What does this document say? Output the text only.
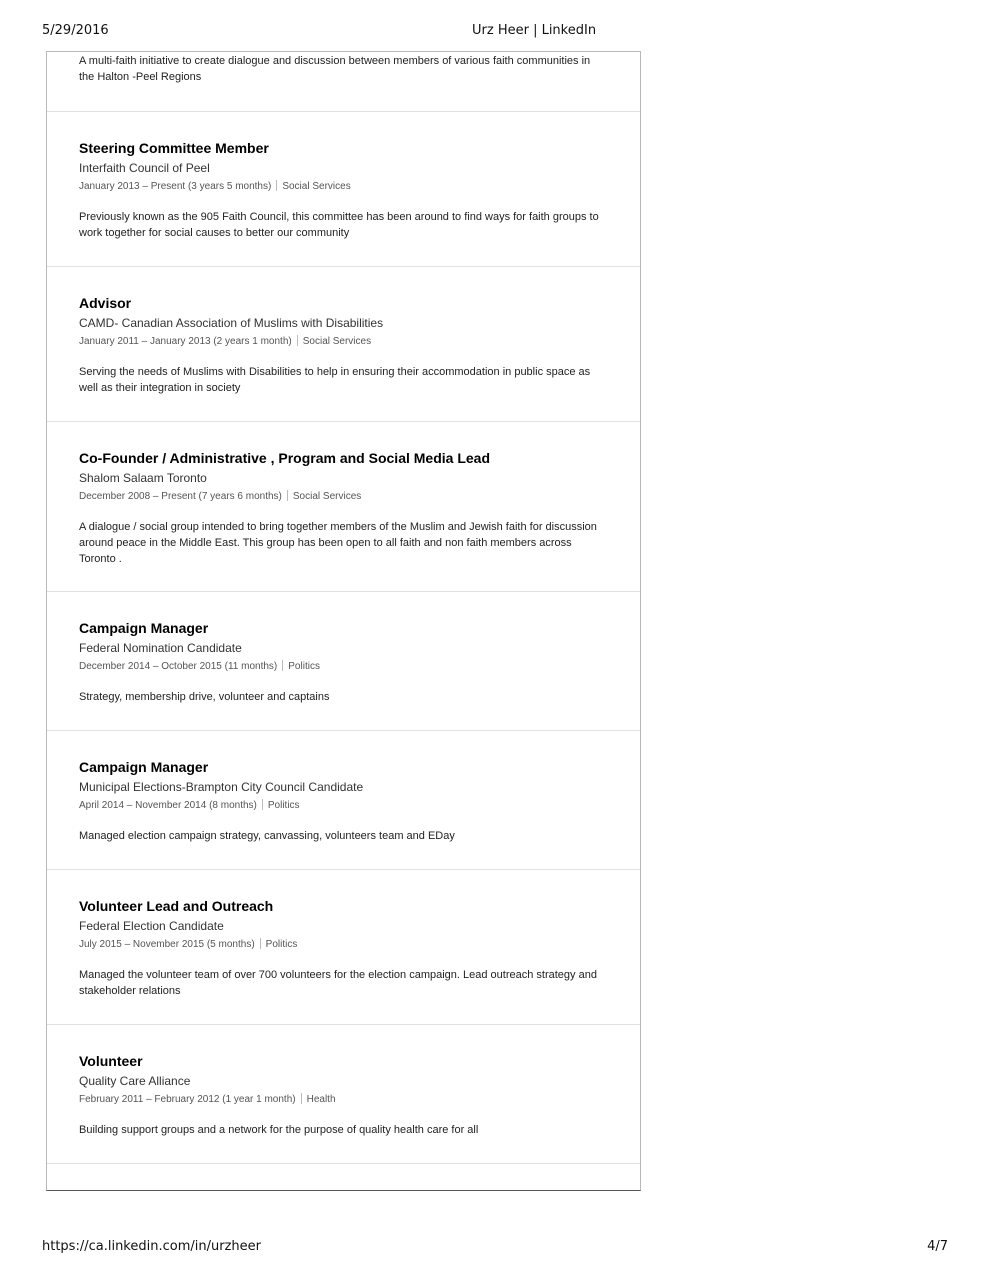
5/29/2016	Urz Heer | LinkedIn
A multi-faith initiative to create dialogue and discussion between members of various faith communities in the Halton -Peel Regions
Steering Committee Member
Interfaith Council of Peel
January 2013 – Present (3 years 5 months) Social Services
Previously known as the 905 Faith Council, this committee has been around to find ways for faith groups to work together for social causes to better our community
Advisor
CAMD- Canadian Association of Muslims with Disabilities
January 2011 – January 2013 (2 years 1 month) Social Services
Serving the needs of Muslims with Disabilities to help in ensuring their accommodation in public space as well as their integration in society
Co-Founder / Administrative , Program and Social Media Lead
Shalom Salaam Toronto
December 2008 – Present (7 years 6 months) Social Services
A dialogue / social group intended to bring together members of the Muslim and Jewish faith for discussion around peace in the Middle East. This group has been open to all faith and non faith members across Toronto .
Campaign Manager
Federal Nomination Candidate
December 2014 – October 2015 (11 months) Politics
Strategy, membership drive, volunteer and captains
Campaign Manager
Municipal Elections-Brampton City Council Candidate
April 2014 – November 2014 (8 months) Politics
Managed election campaign strategy, canvassing, volunteers team and EDay
Volunteer Lead and Outreach
Federal Election Candidate
July 2015 – November 2015 (5 months) Politics
Managed the volunteer team of over 700 volunteers for the election campaign. Lead outreach strategy and stakeholder relations
Volunteer
Quality Care Alliance
February 2011 – February 2012 (1 year 1 month) Health
Building support groups and a network for the purpose of quality health care for all
https://ca.linkedin.com/in/urzheer	4/7
